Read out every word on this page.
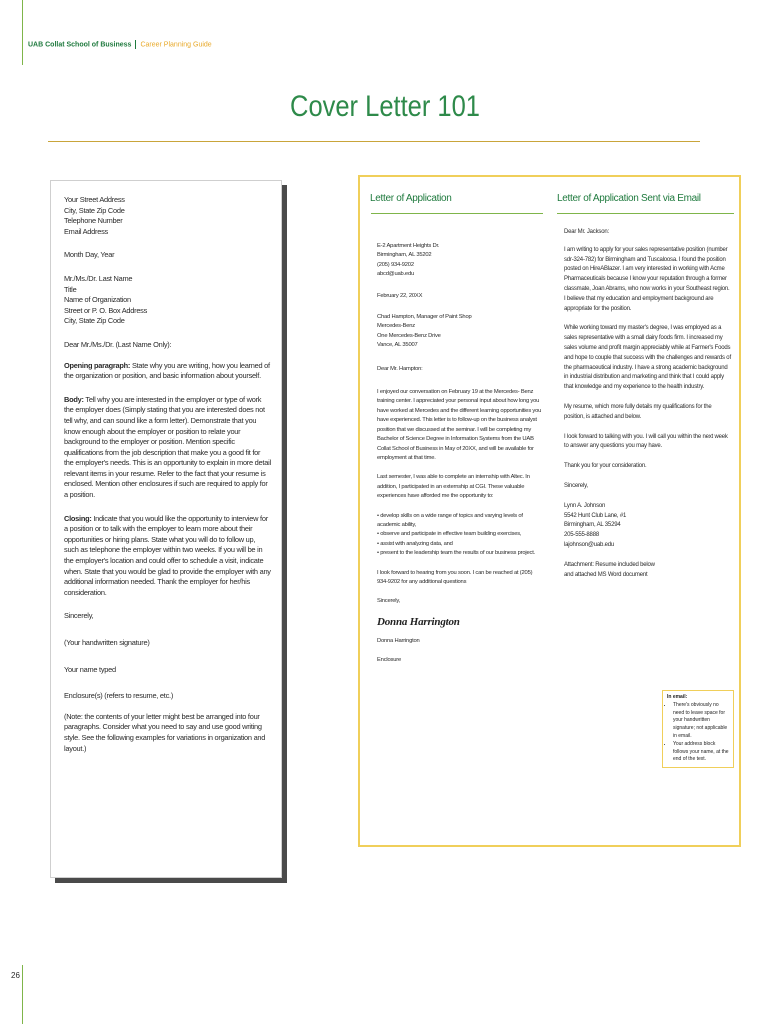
UAB Collat School of Business Career Planning Guide
Cover Letter 101

Your Street Address

City, State Zip Code

Telephone Number

Email Address

Month Day, Year

Mr./Ms./Dr. Last Name

Title

Name of Organization

Street or P. O. Box Address

City, State Zip Code

Dear Mr./Ms./Dr. (Last Name Only):

Opening paragraph: State why you are writing, how you learned of the organization or position, and basic information about yourself.

Body: Tell why you are interested in the employer or type of work the employer does (Simply stating that you are interested does not tell why, and can sound like a form letter). Demonstrate that you know enough about the employer or position to relate your background to the employer or position. Mention specific qualifications from the job description that make you a good fit for the employer's needs. This is an opportunity to explain in more detail relevant items in your resume. Refer to the fact that your resume is enclosed. Mention other enclosures if such are required to apply for a position.

Closing: Indicate that you would like the opportunity to interview for a position or to talk with the employer to learn more about their opportunities or hiring plans. State what you will do to follow up, such as telephone the employer within two weeks. If you will be in the employer's location and could offer to schedule a visit, indicate when. State that you would be glad to provide the employer with any additional information needed. Thank the employer for her/his consideration.

Sincerely,

(Your handwritten signature)

Your name typed

Enclosure(s) (refers to resume, etc.)

(Note: the contents of your letter might best be arranged into four paragraphs. Consider what you need to say and use good writing style. See the following examples for variations in organization and layout.)

Letter of Application	Letter of Application Sent via Email

E-2 Apartment Heights Dr.

Birmingham, AL 35202

(205) 934-9202

abcd@uab.edu

February 22, 20XX

Chad Hampton, Manager of Paint Shop

Mercedes-Benz

One Mercedes-Benz Drive

Vance, AL 35007

Dear Mr. Hampton:

I enjoyed our conversation on February 19 at the Mercedes- Benz training center. I appreciated your personal input about how long you have worked at Mercedes and the different learning opportunities you have experienced. This letter is to follow-up on the business analyst position that we discussed at the seminar. I will be completing my Bachelor of Science Degree in Information Systems from the UAB Collat School of Business in May of 20XX, and will be available for employment at that time.

Last semester, I was able to complete an internship with Altec. In addition, I participated in an externship at CGI. These valuable experiences have afforded me the opportunity to:

• develop skills on a wide range of topics and varying levels of academic ability,

• observe and participate in effective team building exercises,

• assist with analyzing data, and

• present to the leadership team the results of our business project.

I look forward to hearing from you soon. I can be reached at (205) 934-9202 for any additional questions

Sincerely,

Donna Harrington

Donna Harrington

Enclosure

Dear Mr. Jackson:

I am writing to apply for your sales representative position (number sdr-324-782) for Birmingham and Tuscaloosa. I found the position posted on HireABlazer. I am very interested in working with Acme Pharmaceuticals because I know your reputation through a former classmate, Joan Abrams, who now works in your Southeast region. I believe that my education and employment background are appropriate for the position.

While working toward my master's degree, I was employed as a sales representative with a small dairy foods firm. I increased my sales volume and profit margin appreciably while at Farmer's Foods and hope to couple that success with the challenges and rewards of the pharmaceutical industry. I have a strong academic background in industrial distribution and marketing and think that I could apply that knowledge and my experience to the health industry.

My resume, which more fully details my qualifications for the position, is attached and below.

I look forward to talking with you. I will call you within the next week to answer any questions you may have.

Thank you for your consideration.

Sincerely,

Lynn A. Johnson

5542 Hunt Club Lane, #1

Birmingham, AL 35294

205-555-8888

lajohnson@uab.edu

Attachment: Resume included below and attached MS Word document

In email:
• There's obviously no need to leave space for your handwritten signature; not applicable in email.
• Your address block follows your name, at the end of the text.
26
